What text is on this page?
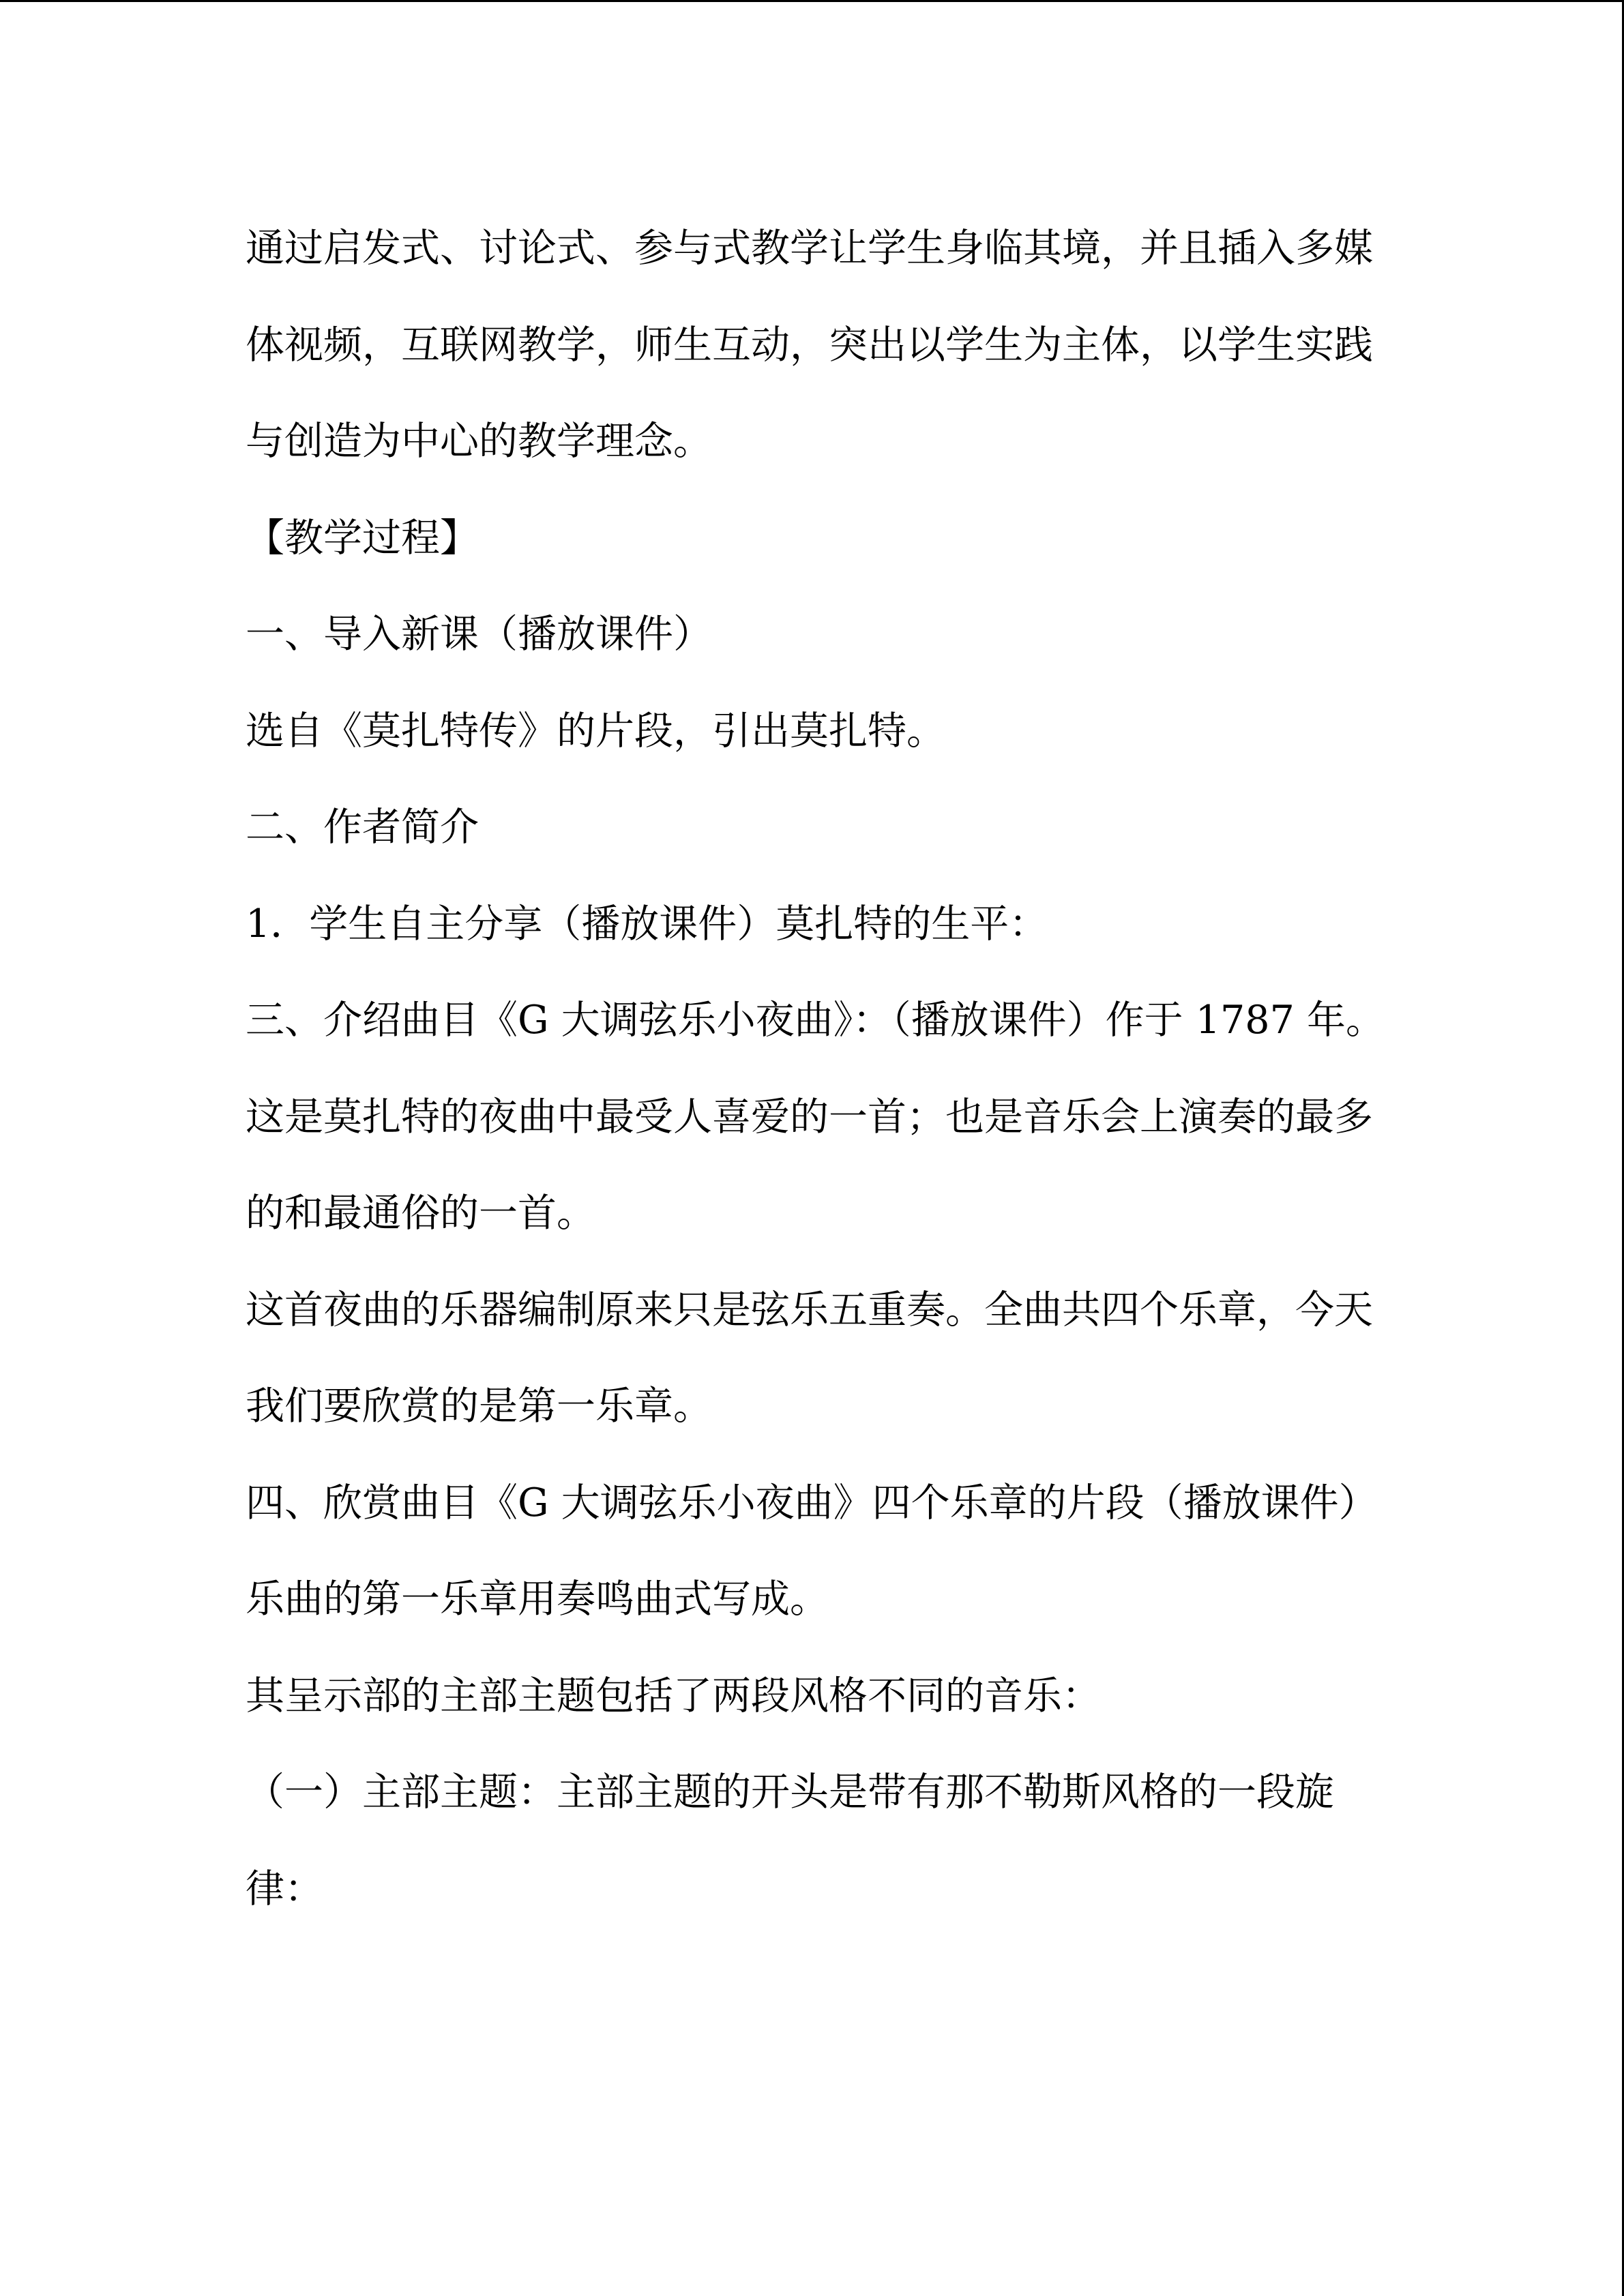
通过启发式、讨论式、参与式教学让学生身临其境，并且插入多媒

体视频，互联网教学，师生互动，突出以学生为主体，以学生实践

与创造为中心的教学理念。

【教学过程】

一、导入新课（播放课件）

选自《莫扎特传》的片段，引出莫扎特。

二、作者简介

1．学生自主分享（播放课件）莫扎特的生平：

三、介绍曲目《G 大调弦乐小夜曲》：（播放课件）作于 1787 年。

这是莫扎特的夜曲中最受人喜爱的一首；也是音乐会上演奏的最多

的和最通俗的一首。

这首夜曲的乐器编制原来只是弦乐五重奏。全曲共四个乐章，今天

我们要欣赏的是第一乐章。

四、欣赏曲目《G 大调弦乐小夜曲》四个乐章的片段（播放课件）

乐曲的第一乐章用奏鸣曲式写成。

其呈示部的主部主题包括了两段风格不同的音乐：

（一）主部主题：主部主题的开头是带有那不勒斯风格的一段旋

律：
